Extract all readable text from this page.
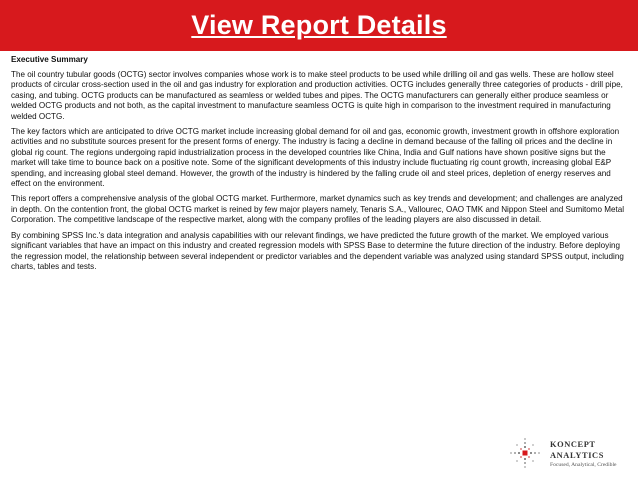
View Report Details
Executive Summary

The oil country tubular goods (OCTG) sector involves companies whose work is to make steel products to be used while drilling oil and gas wells. These are hollow steel products of circular cross-section used in the oil and gas industry for exploration and production activities. OCTG includes generally three categories of products - drill pipe, casing, and tubing. OCTG products can be manufactured as seamless or welded tubes and pipes. The OCTG manufacturers can generally either produce seamless or welded OCTG products and not both, as the capital investment to manufacture seamless OCTG is quite high in comparison to the investment required in manufacturing welded OCTG.

The key factors which are anticipated to drive OCTG market include increasing global demand for oil and gas, economic growth, investment growth in offshore exploration activities and no substitute sources present for the present forms of energy. The industry is facing a decline in demand because of the falling oil prices and the decline in global rig count. The regions undergoing rapid industrialization process in the developed countries like China, India and Gulf nations have shown positive signs but the market will take time to bounce back on a positive note. Some of the significant developments of this industry include fluctuating rig count growth, increasing global E&P spending, and increasing global steel demand. However, the growth of the industry is hindered by the falling crude oil and steel prices, depletion of energy reserves and effect on the environment.

This report offers a comprehensive analysis of the global OCTG market. Furthermore, market dynamics such as key trends and development; and challenges are analyzed in depth. On the contention front, the global OCTG market is reined by few major players namely, Tenaris S.A., Vallourec, OAO TMK and Nippon Steel and Sumitomo Metal Corporation. The competitive landscape of the respective market, along with the company profiles of the leading players are also discussed in detail.

By combining SPSS Inc.'s data integration and analysis capabilities with our relevant findings, we have predicted the future growth of the market. We employed various significant variables that have an impact on this industry and created regression models with SPSS Base to determine the future direction of the industry. Before deploying the regression model, the relationship between several independent or predictor variables and the dependent variable was analyzed using standard SPSS output, including charts, tables and tests.

KONCEPT
ANALYTICS
Focused, Analytical, Credible
